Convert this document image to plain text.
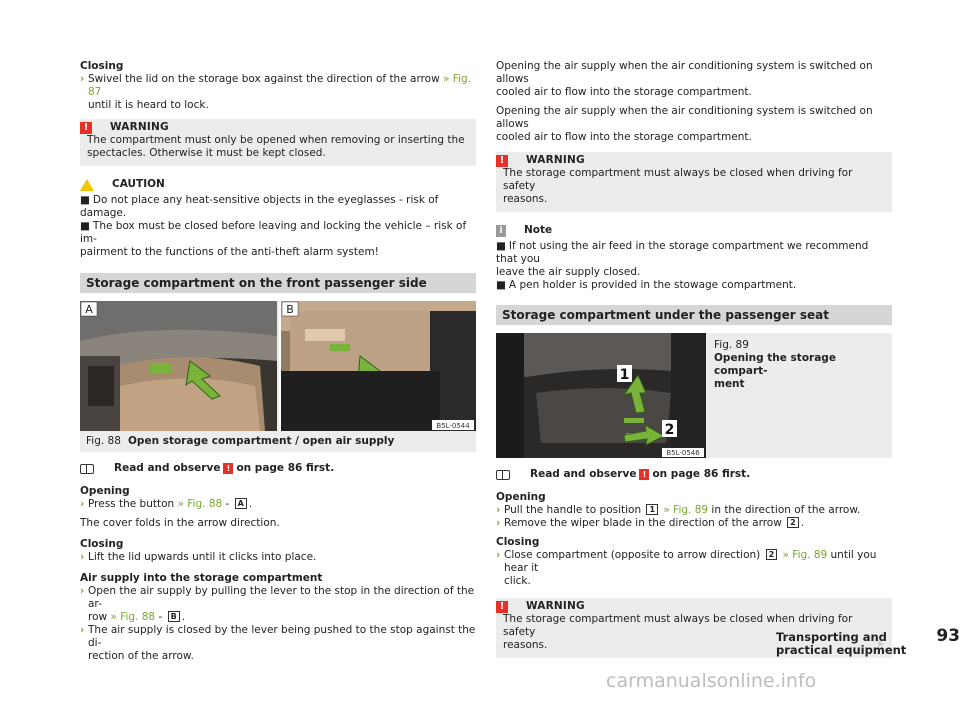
Closing
› Swivel the lid on the storage box against the direction of the arrow » Fig. 87
until it is heard to lock.
!	WARNING
The compartment must only be opened when removing or inserting the
spectacles. Otherwise it must be kept closed.
CAUTION
■ Do not place any heat-sensitive objects in the eyeglasses - risk of damage.
■ The box must be closed before leaving and locking the vehicle – risk of im-
pairment to the functions of the anti-theft alarm system!
Storage compartment on the front passenger side
A	B
B5L-0544
Fig. 88 Open storage compartment / open air supply
Read and observe ! on page 86 first.
Opening
› Press the button » Fig. 88 - A .
The cover folds in the arrow direction.
Closing
› Lift the lid upwards until it clicks into place.
Air supply into the storage compartment
› Open the air supply by pulling the lever to the stop in the direction of the ar-
row » Fig. 88 - B .
› The air supply is closed by the lever being pushed to the stop against the di-
rection of the arrow.
Opening the air supply when the air conditioning system is switched on allows
cooled air to flow into the storage compartment.
Opening the air supply when the air conditioning system is switched on allows
cooled air to flow into the storage compartment.
!	WARNING
The storage compartment must always be closed when driving for safety
reasons.
i	Note
■ If not using the air feed in the storage compartment we recommend that you
leave the air supply closed.
■ A pen holder is provided in the stowage compartment.
Storage compartment under the passenger seat
1
2
B5L-0546
Fig. 89
Opening the storage compart-
ment
Read and observe ! on page 86 first.
Opening
› Pull the handle to position 1 » Fig. 89 in the direction of the arrow.
› Remove the wiper blade in the direction of the arrow 2 .
Closing
› Close compartment (opposite to arrow direction) 2 » Fig. 89 until you hear it
click.
!	WARNING
The storage compartment must always be closed when driving for safety
reasons.
Transporting and practical equipment
93
carmanualsonline.info
